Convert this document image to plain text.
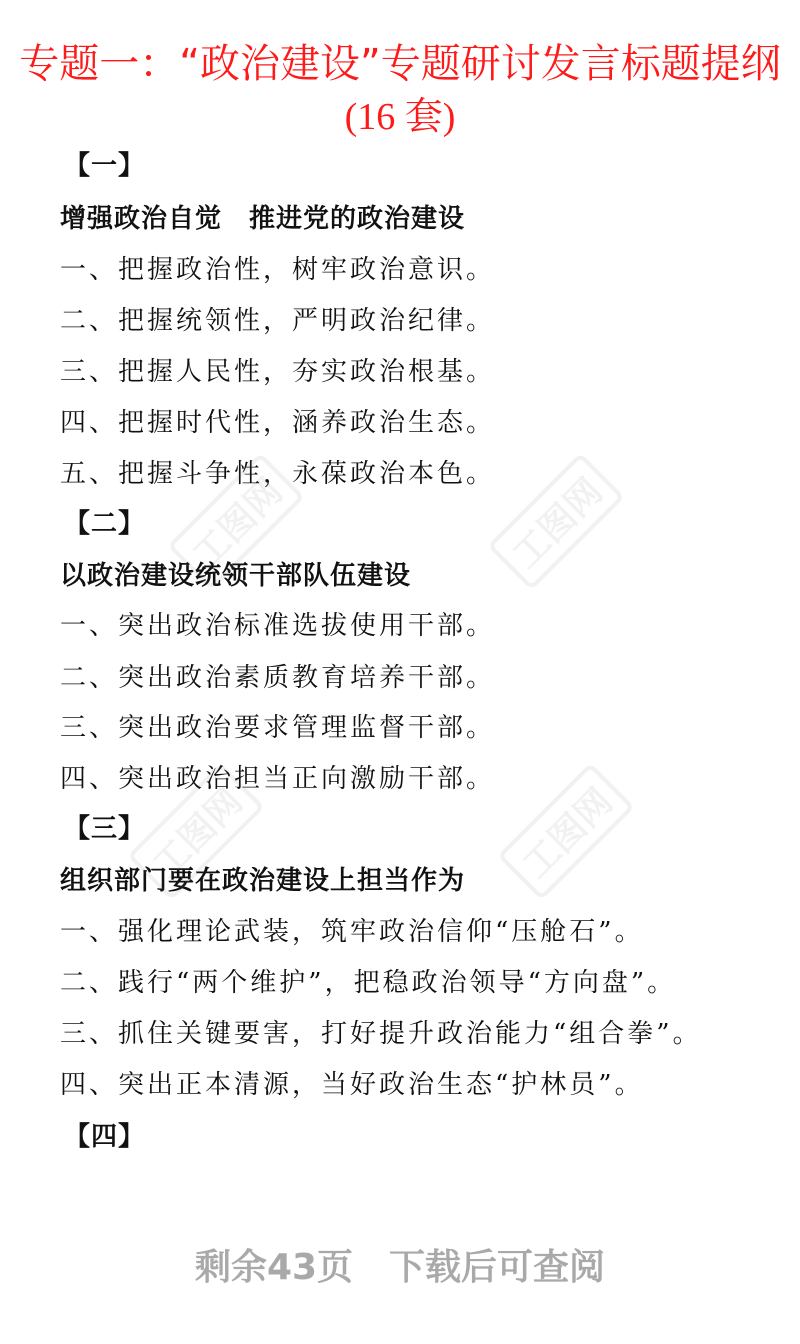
专题一：“政治建设”专题研讨发言标题提纲
(16 套)
【一】
增强政治自觉　推进党的政治建设
一、把握政治性，树牢政治意识。
二、把握统领性，严明政治纪律。
三、把握人民性，夯实政治根基。
四、把握时代性，涵养政治生态。
五、把握斗争性，永葆政治本色。
【二】
以政治建设统领干部队伍建设
一、突出政治标准选拔使用干部。
二、突出政治素质教育培养干部。
三、突出政治要求管理监督干部。
四、突出政治担当正向激励干部。
【三】
组织部门要在政治建设上担当作为
一、强化理论武装，筑牢政治信仰“压舱石”。
二、践行“两个维护”，把稳政治领导“方向盘”。
三、抓住关键要害，打好提升政治能力“组合拳”。
四、突出正本清源，当好政治生态“护林员”。
【四】
工图网	工图网
工图网	工图网
剩余43页　下载后可查阅
